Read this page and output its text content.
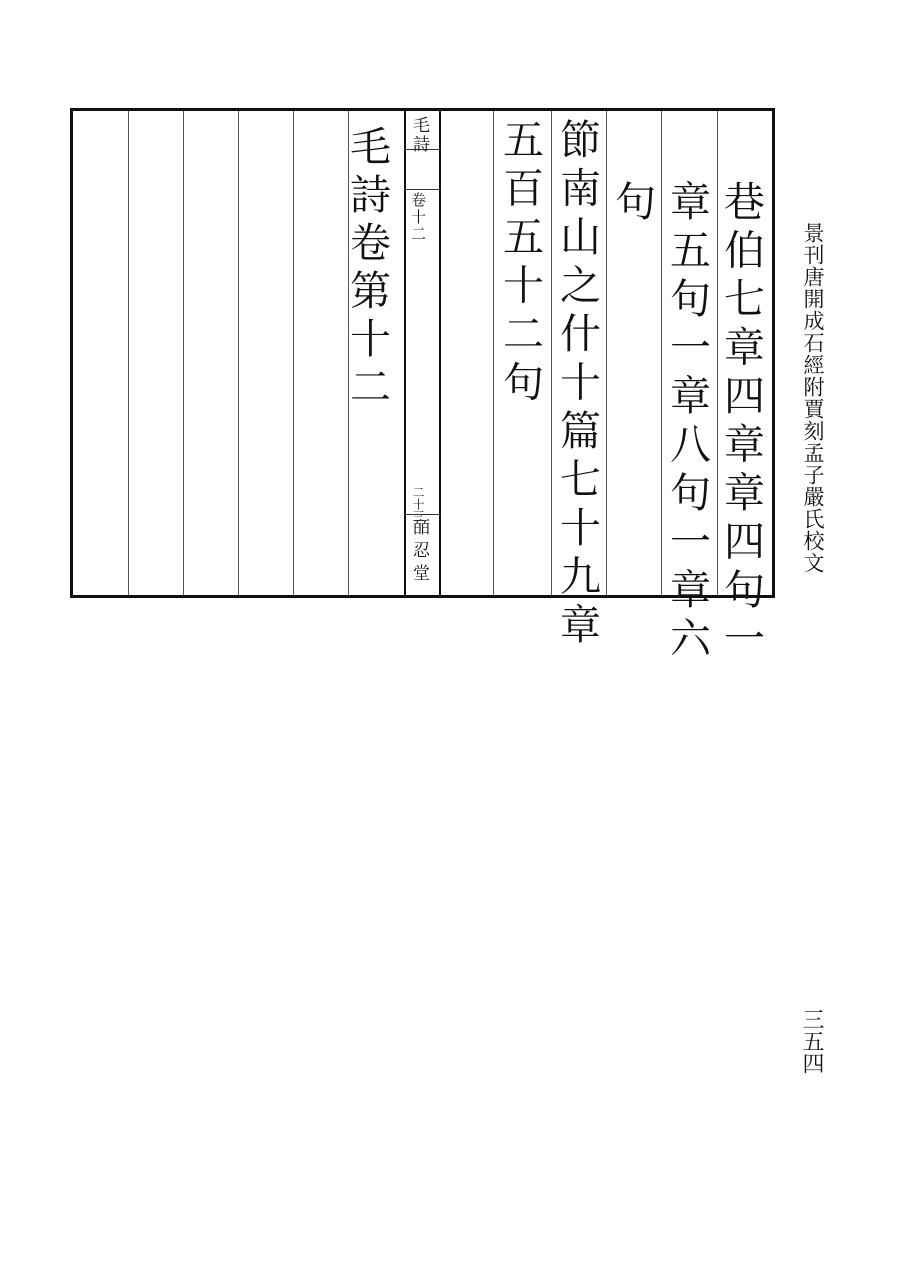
巷伯七章四章章四句一
章五句一章八句一章六
句
節南山之什十篇七十九章
五百五十二句
毛詩
卷十二
二十三
皕忍堂
毛詩卷第十二	景刊唐開成石經附賈刻孟子嚴氏校文
三五四
